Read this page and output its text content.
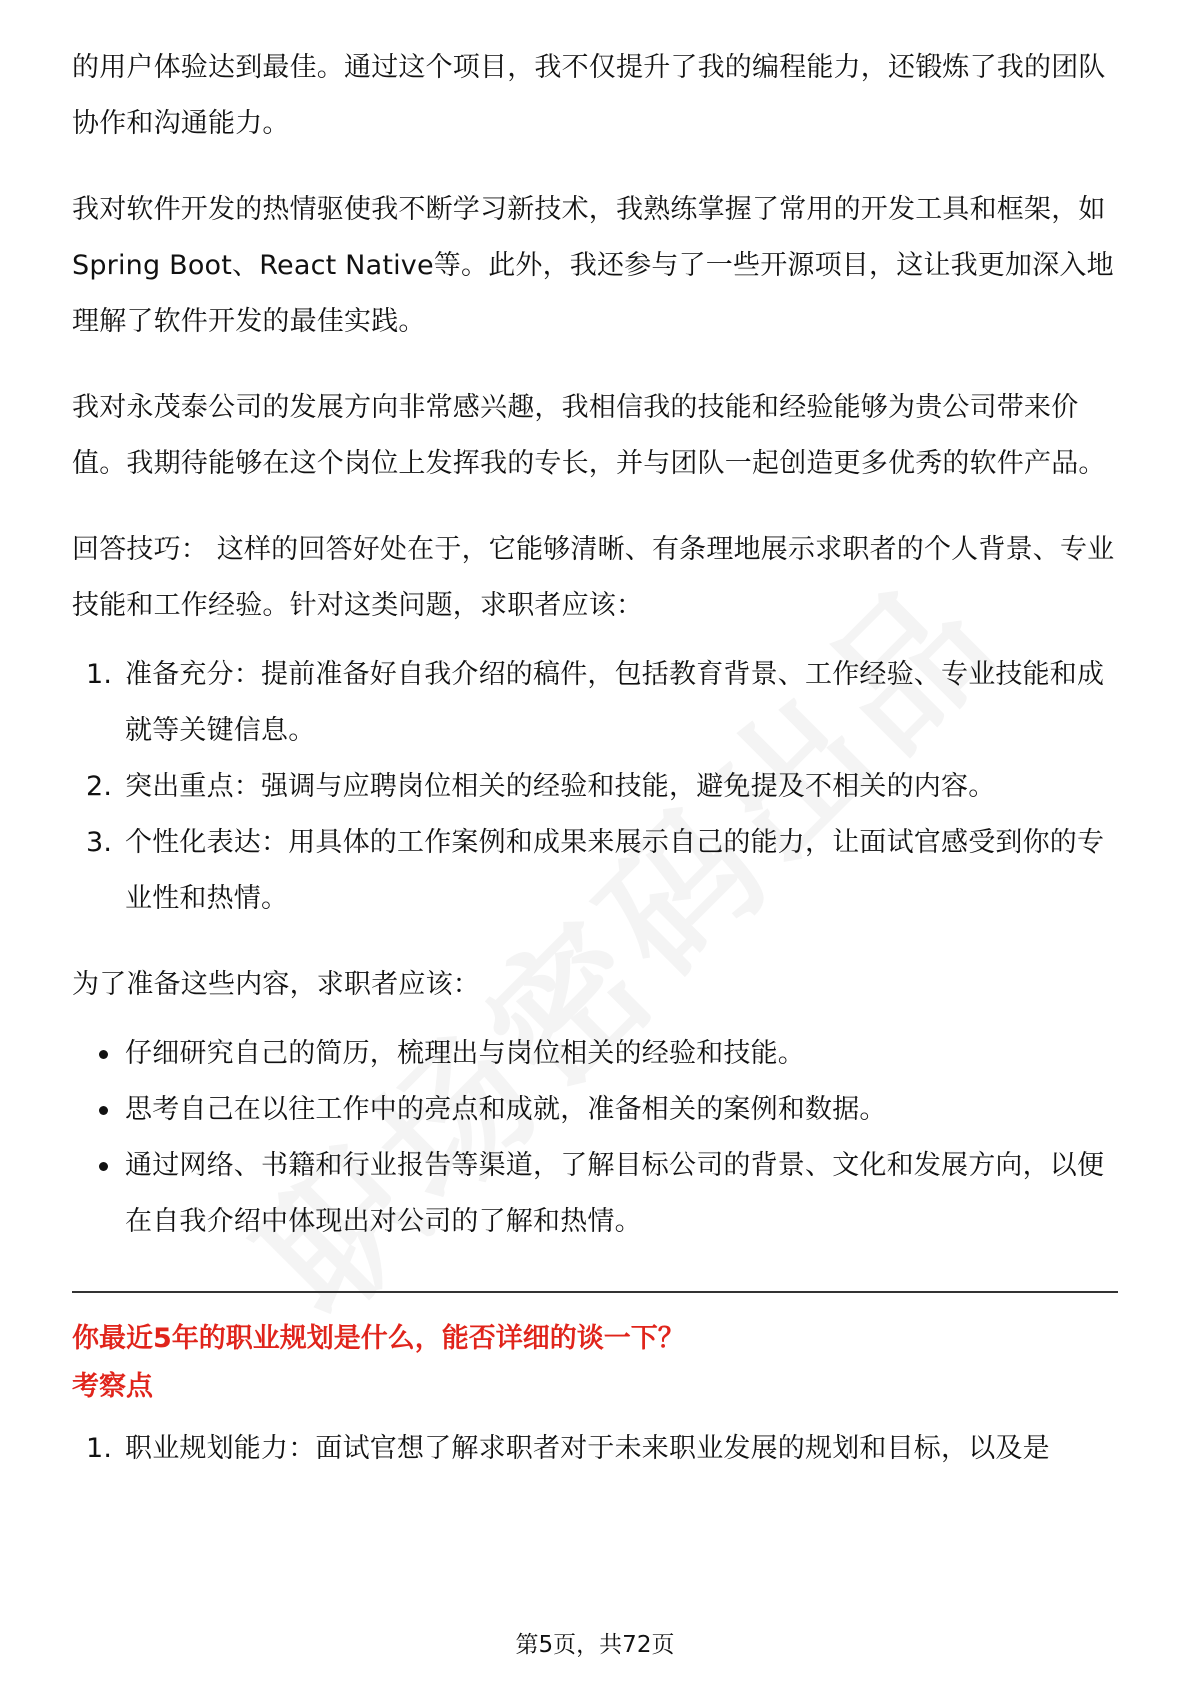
的用户体验达到最佳。通过这个项目，我不仅提升了我的编程能力，还锻炼了我的团队协作和沟通能力。

我对软件开发的热情驱使我不断学习新技术，我熟练掌握了常用的开发工具和框架，如Spring Boot、React Native等。此外，我还参与了一些开源项目，这让我更加深入地理解了软件开发的最佳实践。

我对永茂泰公司的发展方向非常感兴趣，我相信我的技能和经验能够为贵公司带来价值。我期待能够在这个岗位上发挥我的专长，并与团队一起创造更多优秀的软件产品。

回答技巧： 这样的回答好处在于，它能够清晰、有条理地展示求职者的个人背景、专业技能和工作经验。针对这类问题，求职者应该：

1. 准备充分：提前准备好自我介绍的稿件，包括教育背景、工作经验、专业技能和成就等关键信息。
2. 突出重点：强调与应聘岗位相关的经验和技能，避免提及不相关的内容。
3. 个性化表达：用具体的工作案例和成果来展示自己的能力，让面试官感受到你的专业性和热情。

为了准备这些内容，求职者应该：

仔细研究自己的简历，梳理出与岗位相关的经验和技能。
思考自己在以往工作中的亮点和成就，准备相关的案例和数据。
通过网络、书籍和行业报告等渠道，了解目标公司的背景、文化和发展方向，以便在自我介绍中体现出对公司的了解和热情。
你最近5年的职业规划是什么，能否详细的谈一下？
考察点
1. 职业规划能力：面试官想了解求职者对于未来职业发展的规划和目标，以及是
第5页，共72页
